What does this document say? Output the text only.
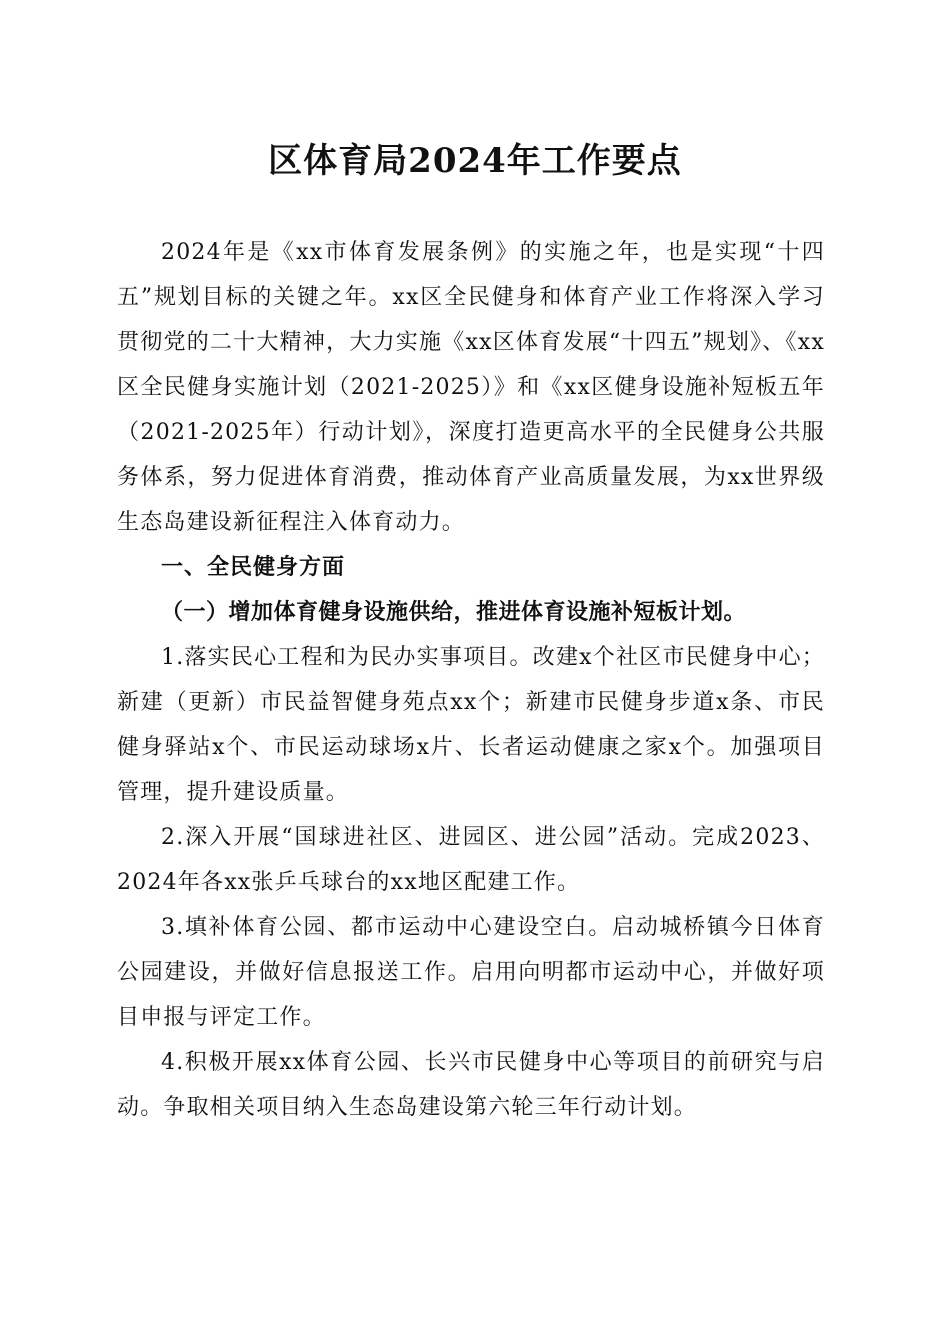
区体育局2024年工作要点

2024年是《xx市体育发展条例》的实施之年，也是实现“十四五”规划目标的关键之年。xx区全民健身和体育产业工作将深入学习贯彻党的二十大精神，大力实施《xx区体育发展“十四五”规划》、《xx区全民健身实施计划（2021-2025）》和《xx区健身设施补短板五年（2021-2025年）行动计划》，深度打造更高水平的全民健身公共服务体系，努力促进体育消费，推动体育产业高质量发展，为xx世界级生态岛建设新征程注入体育动力。

一、全民健身方面

（一）增加体育健身设施供给，推进体育设施补短板计划。

1.落实民心工程和为民办实事项目。改建x个社区市民健身中心；新建（更新）市民益智健身苑点xx个；新建市民健身步道x条、市民健身驿站x个、市民运动球场x片、长者运动健康之家x个。加强项目管理，提升建设质量。

2.深入开展“国球进社区、进园区、进公园”活动。完成2023、2024年各xx张乒乓球台的xx地区配建工作。

3.填补体育公园、都市运动中心建设空白。启动城桥镇今日体育公园建设，并做好信息报送工作。启用向明都市运动中心，并做好项目申报与评定工作。

4.积极开展xx体育公园、长兴市民健身中心等项目的前研究与启动。争取相关项目纳入生态岛建设第六轮三年行动计划。
